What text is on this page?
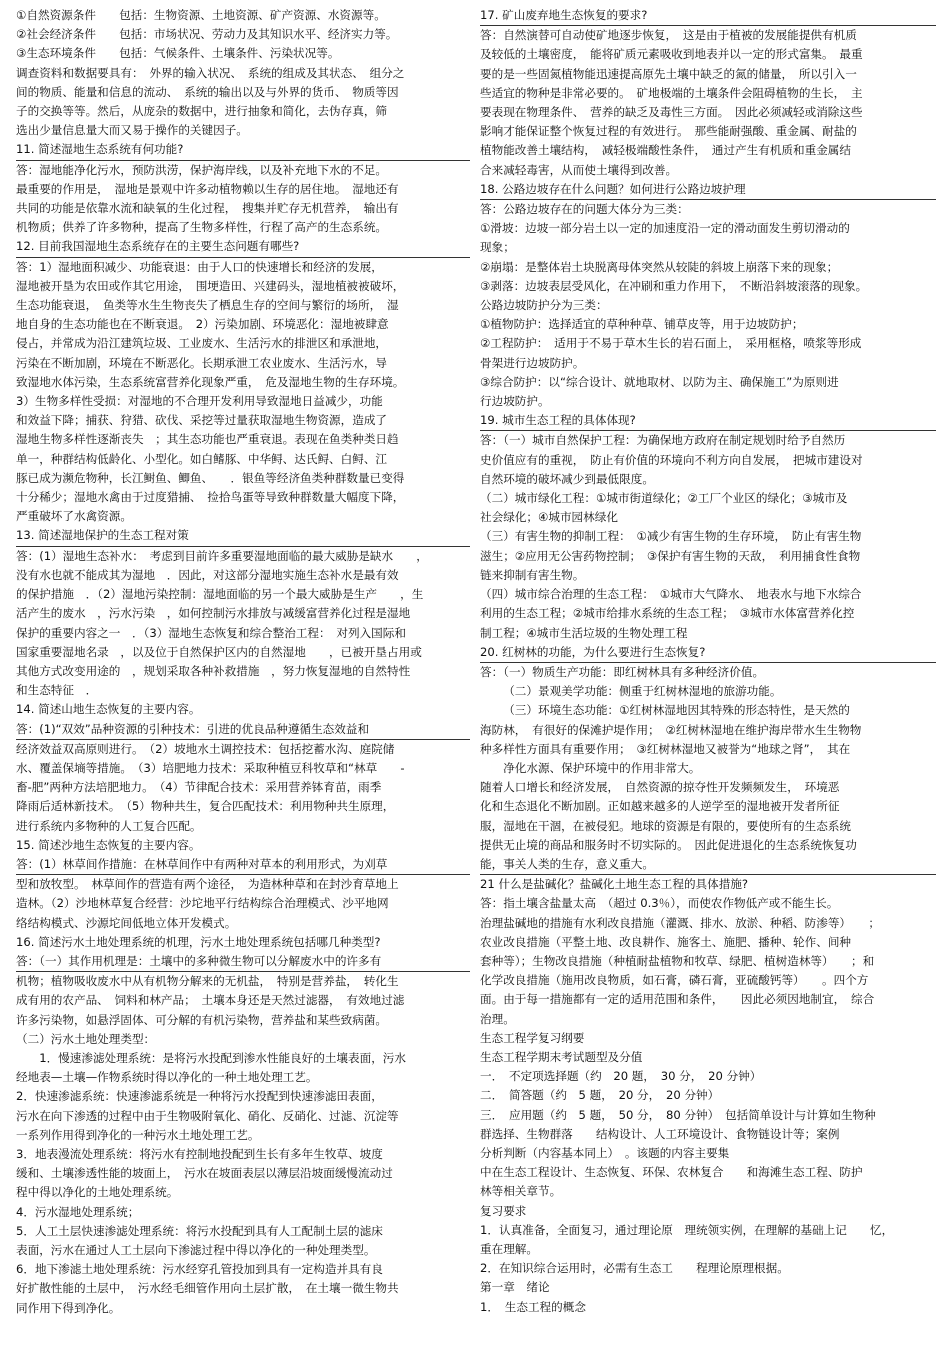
①自然资源条件　　包括：生物资源、土地资源、矿产资源、水资源等。
②社会经济条件　　包括：市场状况、劳动力及其知识水平、经济实力等。
③生态环境条件　　包括：气候条件、土壤条件、污染状况等。
调查资料和数据要具有：　外界的输入状况、　系统的组成及其状态、　组分之
间的物质、能量和信息的流动、　系统的输出以及与外界的货币、　物质等因
子的交换等等。然后，从庞杂的数据中，进行抽象和简化，去伪存真，筛
选出少量信息量大而又易于操作的关键因子。
11. 简述湿地生态系统有何功能?
答：湿地能净化污水，预防洪涝，保护海岸线，以及补充地下水的不足。
最重要的作用是，　湿地是景观中许多动植物赖以生存的居住地。　湿地还有
共同的功能是依靠水流和缺氧的生化过程，　搜集并贮存无机营养，　输出有
机物质；供养了许多物种，提高了生物多样性，行程了高产的生态系统。
12. 目前我国湿地生态系统存在的主要生态问题有哪些?
答：1）湿地面积减少、功能衰退：由于人口的快速增长和经济的发展，
湿地被开垦为农田或作其它用途，　围埂造田、兴建码头，湿地植被被破坏，
生态功能衰退，　鱼类等水生生物丧失了栖息生存的空间与繁衍的场所，　湿
地自身的生态功能也在不断衰退。　2）污染加剧、环境恶化：湿地被肆意
侵占，并常成为沿江建筑垃圾、工业废水、生活污水的排泄区和承泄地，
污染在不断加剧，环境在不断恶化。长期承泄工农业废水、生活污水，导
致湿地水体污染，生态系统富营养化现象严重，　危及湿地生物的生存环境。
3）生物多样性受损：对湿地的不合理开发利用导致湿地日益减少，功能
和效益下降；捕获、狩猎、砍伐、采挖等过量获取湿地生物资源，造成了
湿地生物多样性逐渐丧失　；其生态功能也严重衰退。表现在鱼类种类日趋
单一，种群结构低龄化、小型化。如白鳍豚、中华鲟、达氏鲟、白鲟、江
豚已成为濒危物种，长江鲥鱼、鲫鱼、　　．银鱼等经济鱼类种群数量已变得
十分稀少；湿地水禽由于过度猎捕、　捡拾鸟蛋等导致种群数量大幅度下降，
严重破坏了水禽资源。
13. 简述湿地保护的生态工程对策
答：(1）湿地生态补水：　考虑到目前许多重要湿地面临的最大威胁是缺水　　，
没有水也就不能成其为湿地　．因此，对这部分湿地实施生态补水是最有效
的保护措施　．（2）湿地污染控制：湿地面临的另一个最大威胁是生产　　，生
活产生的废水　，污水污染　，如何控制污水排放与减缓富营养化过程是湿地
保护的重要内容之一　．（3）湿地生态恢复和综合整治工程：　对列入国际和
国家重要湿地名录　，以及位于自然保护区内的自然湿地　　，已被开垦占用或
其他方式改变用途的　，规划采取各种补救措施　，努力恢复湿地的自然特性
和生态特征　．
14. 简述山地生态恢复的主要内容。
答：(1)“双效”品种资源的引种技术：引进的优良品种遵循生态效益和
经济效益双高原则进行。　（2）坡地水土调控技术：包括挖蓄水沟、庭院储
水、覆盖保墒等措施。　（3）培肥地力技术：采取种植豆科牧草和“林草　　-
畜-肥”两种方法培肥地力。　（4）节律配合技术：采用营养钵育苗，雨季
降雨后适林新技术。　（5）物种共生，复合匹配技术：利用物种共生原理，
进行系统内多物种的人工复合匹配。
15. 简述沙地生态恢复的主要内容。
答：(1）林草间作措施：在林草间作中有两种对草本的利用形式，为刈草
型和放牧型。　林草间作的营造有两个途径，　为造林种草和在封沙育草地上
造林。（2）沙地林草复合经营：沙坨地平行结构综合治理模式、沙平地网
络结构模式、沙源坨间低地立体开发模式。
16. 简述污水土地处理系统的机理，污水土地处理系统包括哪几种类型?
答：（一）其作用机理是：土壤中的多种微生物可以分解废水中的许多有
机物；植物吸收废水中从有机物分解来的无机盐，　特别是营养盐，　转化生
成有用的农产品、　饲料和林产品；　土壤本身还是天然过滤器，　有效地过滤
许多污染物，如悬浮固体、可分解的有机污染物，营养盐和某些致病菌。
（二）污水土地处理类型：
1．慢速渗滤处理系统：是将污水投配到渗水性能良好的土壤表面，污水
经地表—土壤—作物系统时得以净化的一种土地处理工艺。
2．快速渗滤系统：快速渗滤系统是一种将污水投配到快速渗滤田表面，
污水在向下渗透的过程中由于生物吸附氧化、硝化、反硝化、过滤、沉淀等
一系列作用得到净化的一种污水土地处理工艺。
3．地表漫流处理系统：将污水有控制地投配到生长有多年生牧草、坡度
缓和、土壤渗透性能的坡面上，　污水在坡面表层以薄层沿坡面缓慢流动过
程中得以净化的土地处理系统。
4．污水湿地处理系统；
5．人工土层快速渗滤处理系统：将污水投配到具有人工配制土层的滤床
表面，污水在通过人工土层向下渗滤过程中得以净化的一种处理类型。
6．地下渗滤土地处理系统：污水经穿孔管投加到具有一定构造并具有良
好扩散性能的土层中，　污水经毛细管作用向土层扩散，　在土壤一微生物共
同作用下得到净化。
17. 矿山废弃地生态恢复的要求?
答：自然演替可自动使矿地逐步恢复，　这是由于植被的发展能提供有机质
及较低的土壤密度，　能将矿质元素吸收到地表并以一定的形式富集。　最重
要的是一些固氮植物能迅速提高原先土壤中缺乏的氮的储量，　所以引入一
些适宜的物种是非常必要的。　矿地极端的土壤条件会阻碍植物的生长，　主
要表现在物理条件、　营养的缺乏及毒性三方面。　因此必须减轻或消除这些
影响才能保证整个恢复过程的有效进行。　那些能耐强酸、重金属、耐盐的
植物能改善土壤结构，　减轻极端酸性条件，　通过产生有机质和重金属结
合来减轻毒害，从而使土壤得到改善。
18. 公路边坡存在什么问题？如何进行公路边坡护理
答：公路边坡存在的问题大体分为三类：
①滑坡：边坡一部分岩土以一定的加速度沿一定的滑动面发生剪切滑动的
现象；
②崩塌：是整体岩土块脱离母体突然从较陡的斜坡上崩落下来的现象；
③剥落：边坡表层受风化，在冲刷和重力作用下，　不断沿斜坡滚落的现象。
公路边坡防护分为三类：
①植物防护：选择适宜的草种种草、铺草皮等，用于边坡防护；
②工程防护：　适用于不易于草木生长的岩石面上，　采用框格，喷浆等形成
骨架进行边坡防护。
③综合防护：以“综合设计、就地取材、以防为主、确保施工”为原则进
行边坡防护。
19. 城市生态工程的具体体现?
答：（一）城市自然保护工程：为确保地方政府在制定规划时给予自然历
史价值应有的重视，　防止有价值的环境向不利方向自发展，　把城市建设对
自然环境的破坏减少到最低限度。
（二）城市绿化工程：①城市街道绿化；②工厂个业区的绿化；③城市及
社会绿化；④城市园林绿化
（三）有害生物的抑制工程：　①减少有害生物的生存环境，　防止有害生物
滋生；②应用无公害药物控制；　③保护有害生物的天敌，　利用捕食性食物
链来抑制有害生物。
（四）城市综合治理的生态工程：　①城市大气降水、　地表水与地下水综合
利用的生态工程；②城市给排水系统的生态工程；　③城市水体富营养化控
制工程；④城市生活垃圾的生物处理工程
20. 红树林的功能，为什么要进行生态恢复?
答：（一）物质生产功能：即红树林具有多种经济价值。
（二）景观美学功能：侧重于红树林湿地的旅游功能。
（三）环境生态功能：①红树林湿地因其特殊的形态特性，是天然的
海防林，　有很好的保滩护堤作用；　②红树林湿地在维护海岸带水生生物物
种多样性方面具有重要作用；　③红树林湿地又被誉为“地球之肾”，　其在
净化水源、保护环境中的作用非常大。
随着人口增长和经济发展，　自然资源的掠夺性开发频频发生，　环境恶
化和生态退化不断加剧。正如越来越多的人逆学至的湿地被开发者所征
服，湿地在干涸，在被侵犯。地球的资源是有限的，要使所有的生态系统
提供无止境的商品和服务时不切实际的。　因此促进退化的生态系统恢复功
能，事关人类的生存，意义重大。
21 什么是盐碱化？盐碱化土地生态工程的具体措施?
答：指土壤含盐量太高　（超过 0.3％），而使农作物低产或不能生长。
治理盐碱地的措施有水利改良措施（灌溉、排水、放淤、种稻、防渗等）　　；
农业改良措施（平整土地、改良耕作、施客土、施肥、播种、轮作、间种
套种等）；生物改良措施（种植耐盐植物和牧草、绿肥、植树造林等）　　；和
化学改良措施（施用改良物质，如石膏，磷石膏，亚硫酸钙等）　　。四个方
面。由于每一措施都有一定的适用范围和条件，　　因此必须因地制宜，　综合
治理。
生态工程学复习纲要
生态工程学期末考试题型及分值
一．　不定项选择题（约　20 题，　30 分，　20 分钟）
二．　简答题（约　5 题，　20 分，　20 分钟）
三．　应用题（约　5 题，　50 分，　80 分钟）　包括简单设计与计算如生物种
群选择、生物群落　　结构设计、人工环境设计、食物链设计等；案例
分析判断（内容基本同上）　。该题的内容主要集
中在生态工程设计、生态恢复、环保、农林复合　　和海滩生态工程、防护
林等相关章节。
复习要求
1．认真准备，全面复习，通过理论原　理统领实例，在理解的基础上记　　忆，
重在理解。
2．在知识综合运用时，必需有生态工　　程理论原理根据。
第一章　绪论
1．　生态工程的概念
